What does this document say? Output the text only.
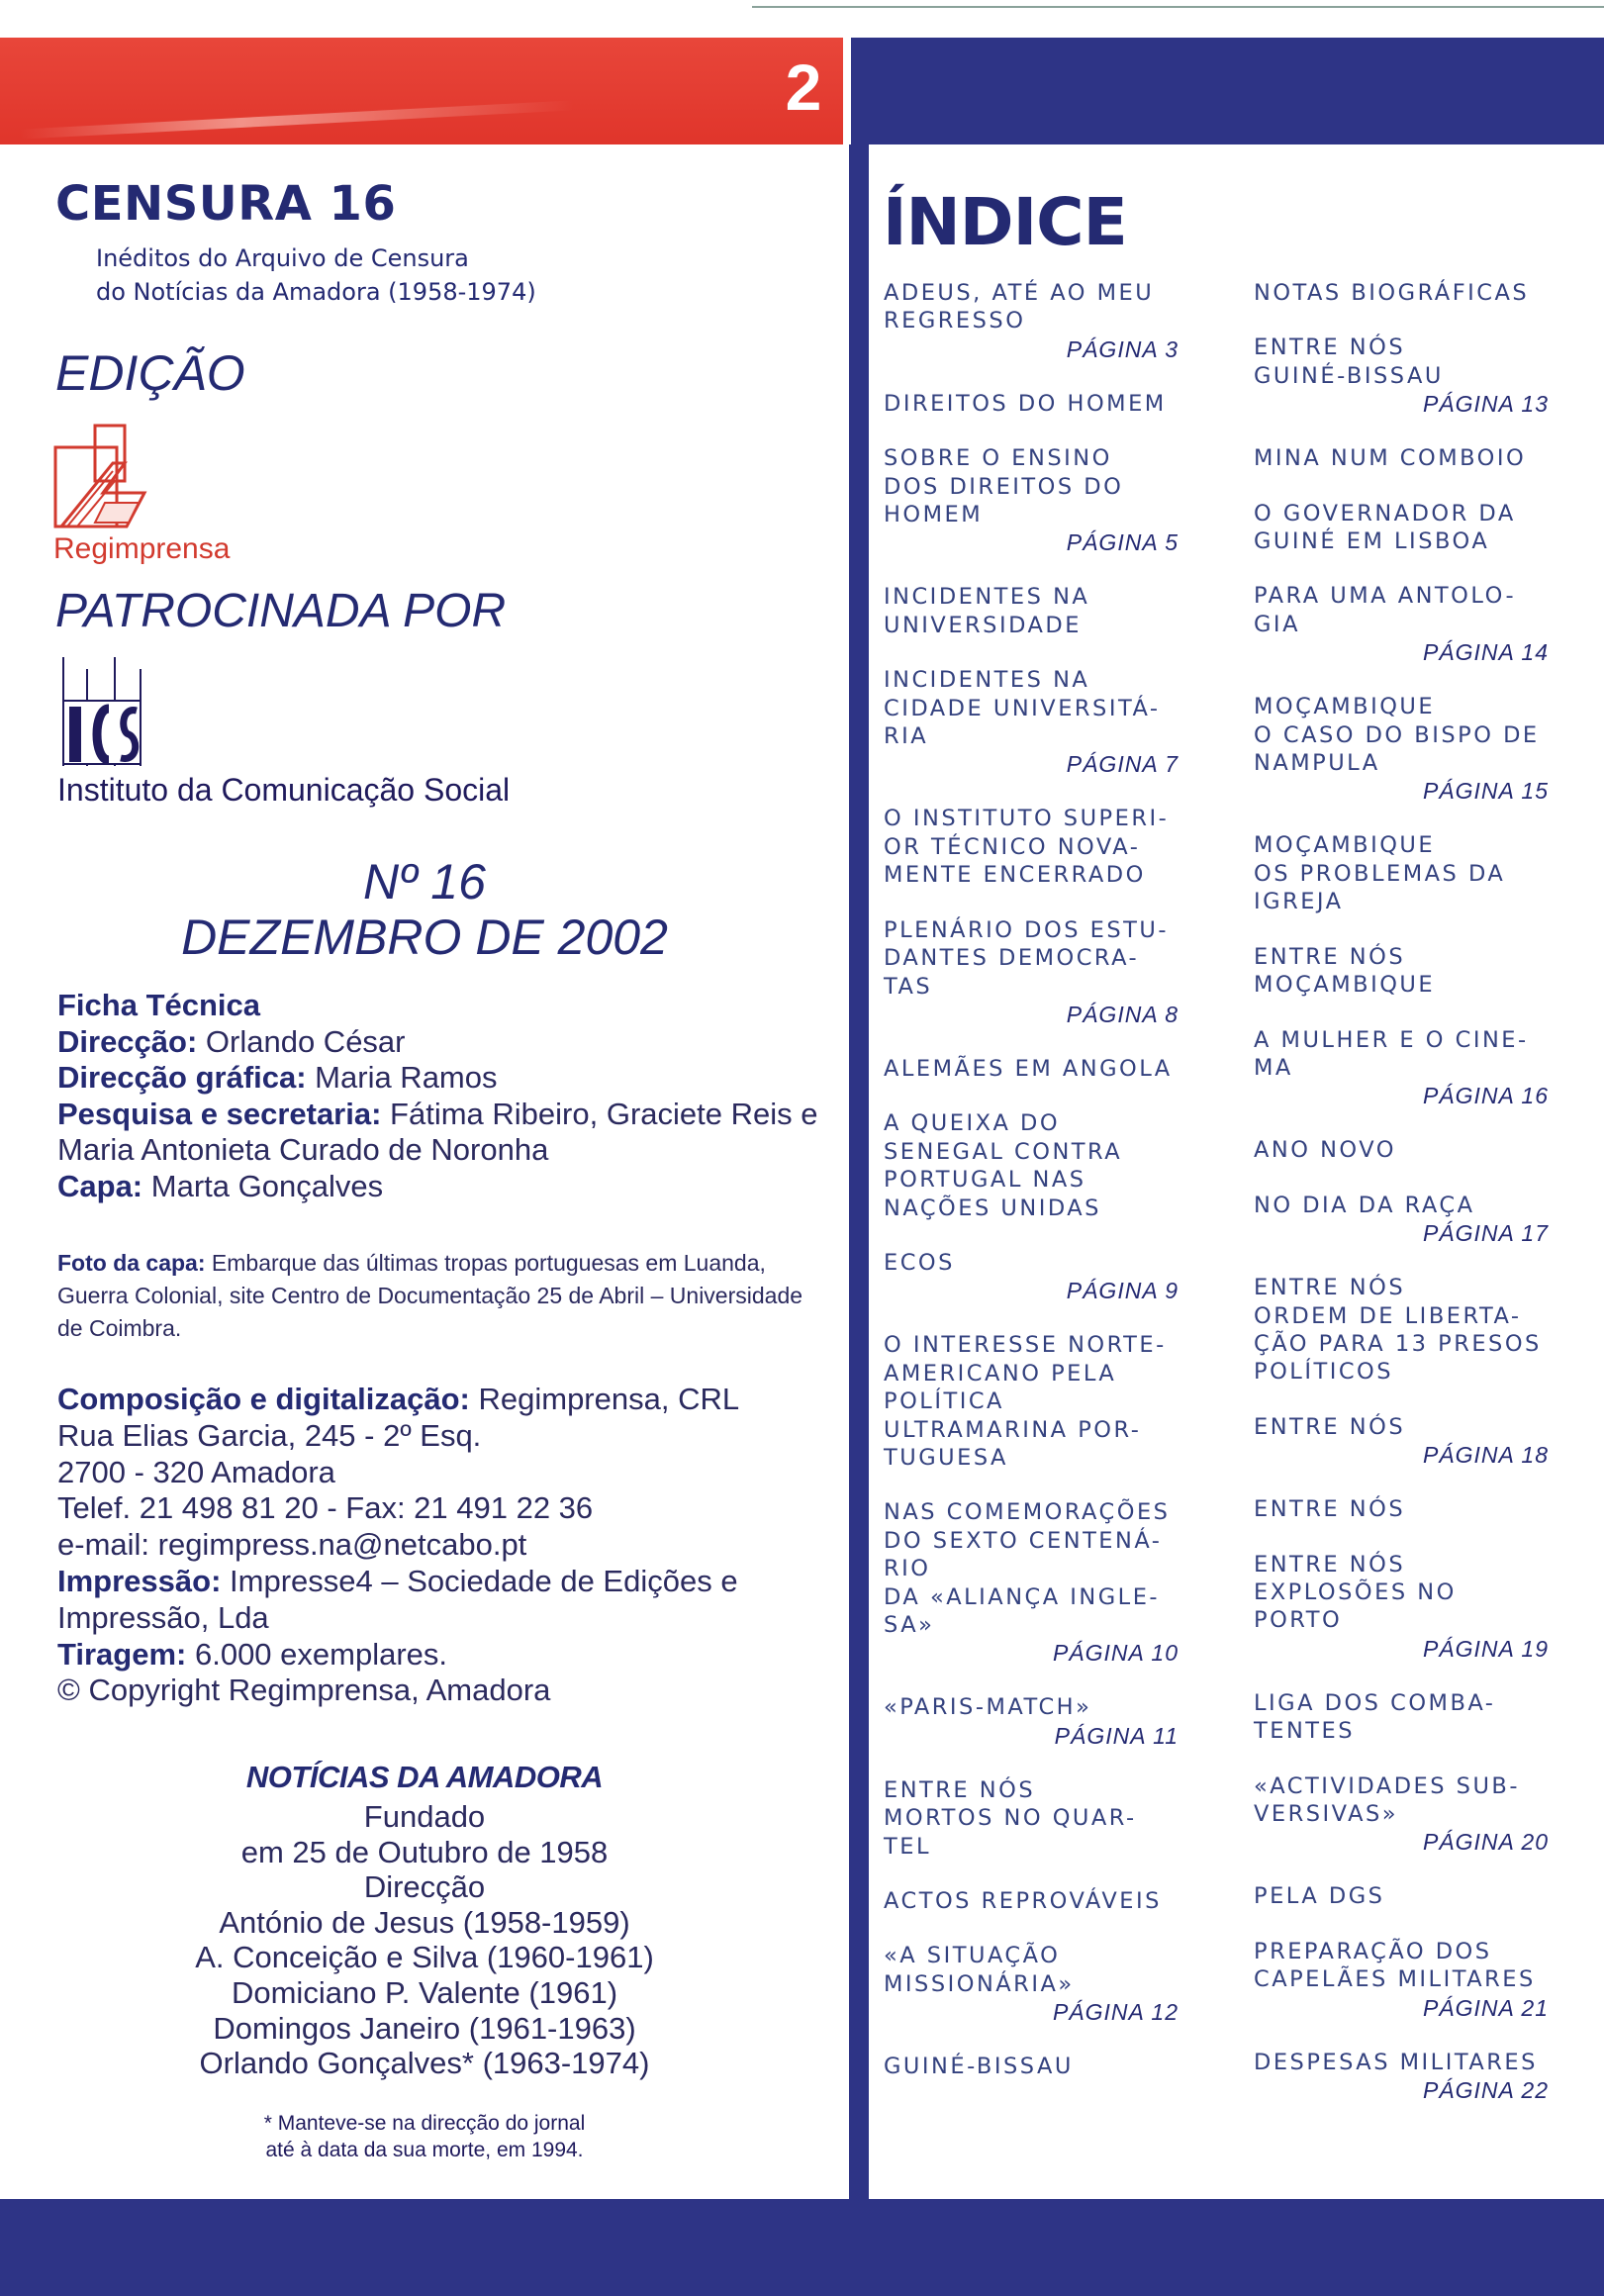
2
CENSURA 16
Inéditos do Arquivo de Censura
do Notícias da Amadora (1958-1974)
EDIÇÃO
Regimprensa
PATROCINADA POR
Instituto da Comunicação Social
Nº 16
DEZEMBRO DE 2002
Ficha Técnica
Direcção: Orlando César
Direcção gráfica: Maria Ramos
Pesquisa e secretaria: Fátima Ribeiro, Graciete Reis e Maria Antonieta Curado de Noronha
Capa: Marta Gonçalves
Foto da capa: Embarque das últimas tropas portuguesas em Luanda, Guerra Colonial, site Centro de Documentação 25 de Abril – Universidade de Coimbra.
Composição e digitalização: Regimprensa, CRL
Rua Elias Garcia, 245 - 2º Esq.
2700 - 320 Amadora
Telef. 21 498 81 20 - Fax: 21 491 22 36
e-mail: regimpress.na@netcabo.pt
Impressão: Impresse4 – Sociedade de Edições e Impressão, Lda
Tiragem: 6.000 exemplares.
© Copyright Regimprensa, Amadora
NOTÍCIAS DA AMADORA
Fundado
em 25 de Outubro de 1958
Direcção
António de Jesus (1958-1959)
A. Conceição e Silva (1960-1961)
Domiciano P. Valente (1961)
Domingos Janeiro (1961-1963)
Orlando Gonçalves* (1963-1974)
* Manteve-se na direcção do jornal
até à data da sua morte, em 1994.
ÍNDICE
ADEUS, ATÉ AO MEU
REGRESSO
PÁGINA 3
DIREITOS DO HOMEM
SOBRE O ENSINO
DOS DIREITOS DO
HOMEM
PÁGINA 5
INCIDENTES NA
UNIVERSIDADE
INCIDENTES NA
CIDADE UNIVERSITÁ-
RIA
PÁGINA 7
O INSTITUTO SUPERI-
OR TÉCNICO NOVA-
MENTE ENCERRADO
PLENÁRIO DOS ESTU-
DANTES DEMOCRA-
TAS
PÁGINA 8
ALEMÃES EM ANGOLA
A QUEIXA DO
SENEGAL CONTRA
PORTUGAL NAS
NAÇÕES UNIDAS
ECOS
PÁGINA 9
O INTERESSE NORTE-
AMERICANO PELA
POLÍTICA
ULTRAMARINA POR-
TUGUESA
NAS COMEMORAÇÕES
DO SEXTO CENTENÁ-
RIO
DA «ALIANÇA INGLE-
SA»
PÁGINA 10
«PARIS-MATCH»
PÁGINA 11
ENTRE NÓS
MORTOS NO QUAR-
TEL
ACTOS REPROVÁVEIS
«A SITUAÇÃO
MISSIONÁRIA»
PÁGINA 12
GUINÉ-BISSAU
NOTAS BIOGRÁFICAS
ENTRE NÓS
GUINÉ-BISSAU
PÁGINA 13
MINA NUM COMBOIO
O GOVERNADOR DA
GUINÉ EM LISBOA
PARA UMA ANTOLO-
GIA
PÁGINA 14
MOÇAMBIQUE
O CASO DO BISPO DE
NAMPULA
PÁGINA 15
MOÇAMBIQUE
OS PROBLEMAS DA
IGREJA
ENTRE NÓS
MOÇAMBIQUE
A MULHER E O CINE-
MA
PÁGINA 16
ANO NOVO
NO DIA DA RAÇA
PÁGINA 17
ENTRE NÓS
ORDEM DE LIBERTA-
ÇÃO PARA 13 PRESOS
POLÍTICOS
ENTRE NÓS
PÁGINA 18
ENTRE NÓS
ENTRE NÓS
EXPLOSÕES NO
PORTO
PÁGINA 19
LIGA DOS COMBA-
TENTES
«ACTIVIDADES SUB-
VERSIVAS»
PÁGINA 20
PELA DGS
PREPARAÇÃO DOS
CAPELÃES MILITARES
PÁGINA 21
DESPESAS MILITARES
PÁGINA 22
